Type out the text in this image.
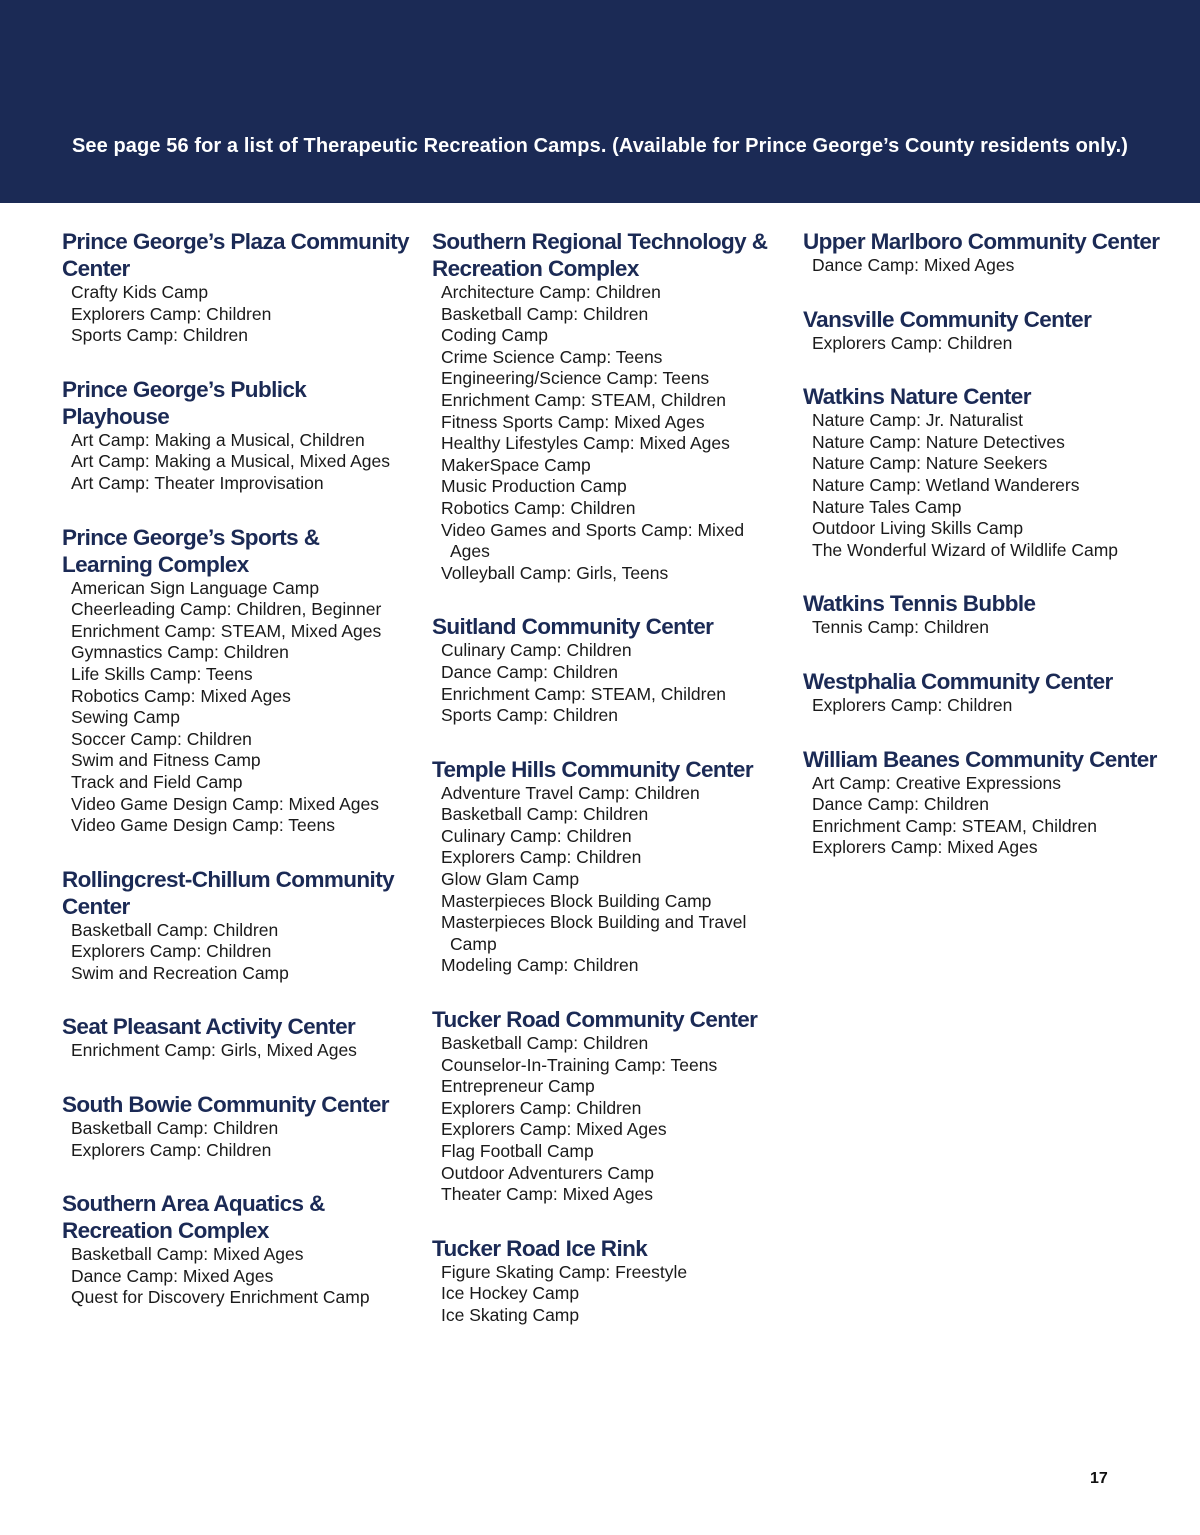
See page 56 for a list of Therapeutic Recreation Camps. (Available for Prince George’s County residents only.)
Prince George’s Plaza Community Center
Crafty Kids Camp
Explorers Camp: Children
Sports Camp: Children
Prince George’s Publick Playhouse
Art Camp: Making a Musical, Children
Art Camp: Making a Musical, Mixed Ages
Art Camp: Theater Improvisation
Prince George’s Sports & Learning Complex
American Sign Language Camp
Cheerleading Camp: Children, Beginner
Enrichment Camp: STEAM, Mixed Ages
Gymnastics Camp: Children
Life Skills Camp: Teens
Robotics Camp: Mixed Ages
Sewing Camp
Soccer Camp: Children
Swim and Fitness Camp
Track and Field Camp
Video Game Design Camp: Mixed Ages
Video Game Design Camp: Teens
Rollingcrest-Chillum Community Center
Basketball Camp: Children
Explorers Camp: Children
Swim and Recreation Camp
Seat Pleasant Activity Center
Enrichment Camp: Girls, Mixed Ages
South Bowie Community Center
Basketball Camp: Children
Explorers Camp: Children
Southern Area Aquatics & Recreation Complex
Basketball Camp: Mixed Ages
Dance Camp: Mixed Ages
Quest for Discovery Enrichment Camp
Southern Regional Technology & Recreation Complex
Architecture Camp: Children
Basketball Camp: Children
Coding Camp
Crime Science Camp: Teens
Engineering/Science Camp: Teens
Enrichment Camp: STEAM, Children
Fitness Sports Camp: Mixed Ages
Healthy Lifestyles Camp: Mixed Ages
MakerSpace Camp
Music Production Camp
Robotics Camp: Children
Video Games and Sports Camp: Mixed Ages
Volleyball Camp: Girls, Teens
Suitland Community Center
Culinary Camp: Children
Dance Camp: Children
Enrichment Camp: STEAM, Children
Sports Camp: Children
Temple Hills Community Center
Adventure Travel Camp: Children
Basketball Camp: Children
Culinary Camp: Children
Explorers Camp: Children
Glow Glam Camp
Masterpieces Block Building Camp
Masterpieces Block Building and Travel Camp
Modeling Camp: Children
Tucker Road Community Center
Basketball Camp: Children
Counselor-In-Training Camp: Teens
Entrepreneur Camp
Explorers Camp: Children
Explorers Camp: Mixed Ages
Flag Football Camp
Outdoor Adventurers Camp
Theater Camp: Mixed Ages
Tucker Road Ice Rink
Figure Skating Camp: Freestyle
Ice Hockey Camp
Ice Skating Camp
Upper Marlboro Community Center
Dance Camp: Mixed Ages
Vansville Community Center
Explorers Camp: Children
Watkins Nature Center
Nature Camp: Jr. Naturalist
Nature Camp: Nature Detectives
Nature Camp: Nature Seekers
Nature Camp: Wetland Wanderers
Nature Tales Camp
Outdoor Living Skills Camp
The Wonderful Wizard of Wildlife Camp
Watkins Tennis Bubble
Tennis Camp: Children
Westphalia Community Center
Explorers Camp: Children
William Beanes Community Center
Art Camp: Creative Expressions
Dance Camp: Children
Enrichment Camp: STEAM, Children
Explorers Camp: Mixed Ages
17
